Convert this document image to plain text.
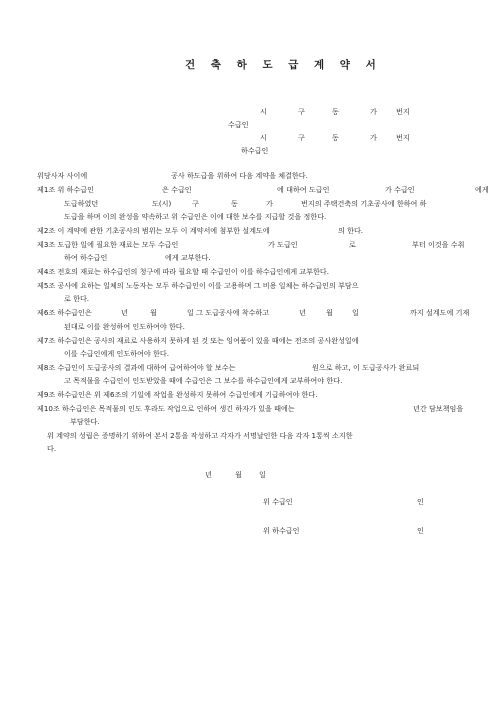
건 축 하 도 급 계 약 서
시	구	동	가	번지
수급인
시	구	동	가	번지
하수급인
위당사자 사이에	공사 하도급을 위하여 다음 계약을 체결한다.
제1조 위 하수급인	은 수급인	에 대하여 도급인	가 수급인	에게
도급하였던	도(시)	구	동	가	번지의 주택건축의 기초공사에 한하여 하
도급을 하며 이의 완성을 약속하고 위 수급인은 이에 대한 보수를 지급할 것을 정한다.
제2조 이 계약에 관한 기초공사의 범위는 모두 이 계약서에 첨부한 설계도에	의 한다.
제3조 도급한 일에 필요한 재료는 모두 수급인	가 도급인	로	부터 이것을 수취
하여 하수급인	에게 교부한다.
제4조 전호의 재료는 하수급인의 청구에 따라 필요할 때 수급인이 이를 하수급인에게 교부한다.
제5조 공사에 요하는 일체의 노동자는 모두 하수급인이 이를 고용하며 그 비용 일체는 하수급인의 부담으
로 한다.
제6조 하수급인은	년	월	일 그 도급공사에 착수하고	년	월	일	까지 설계도에 기재
된대로 이를 완성하여 인도하여야 한다.
제7조 하수급인은 공사의 재료로 사용하지 못하게 된 것 또는 잉여품이 있을 때에는 전조의 공사완성일에
이를 수급인에게 인도하여야 한다.
제8조 수급인이 도급공사의 결과에 대하여 급여하여야 할 보수는	원으로 하고, 이 도급공사가 완료되
고 목적물을 수급인이 인도받았을 때에 수급인은 그 보수를 하수급인에게 교부하여야 한다.
제9조 하수급인은 위 제6조의 기일에 작업을 완성하지 못하여 수급인에게 기급하여야 한다.
제10조 하수급인은 목적물의 인도 후라도 작업으로 인하여 생긴 하자가 있을 때에는	년간 담보책임을
부담한다.
위 계약의 성립은 증명하기 위하여 본서 2통을 작성하고 각자가 서명날인한 다음 각자 1통씩 소지한
다.
년	월 일
위 수급인	인
위 하수급인	인
